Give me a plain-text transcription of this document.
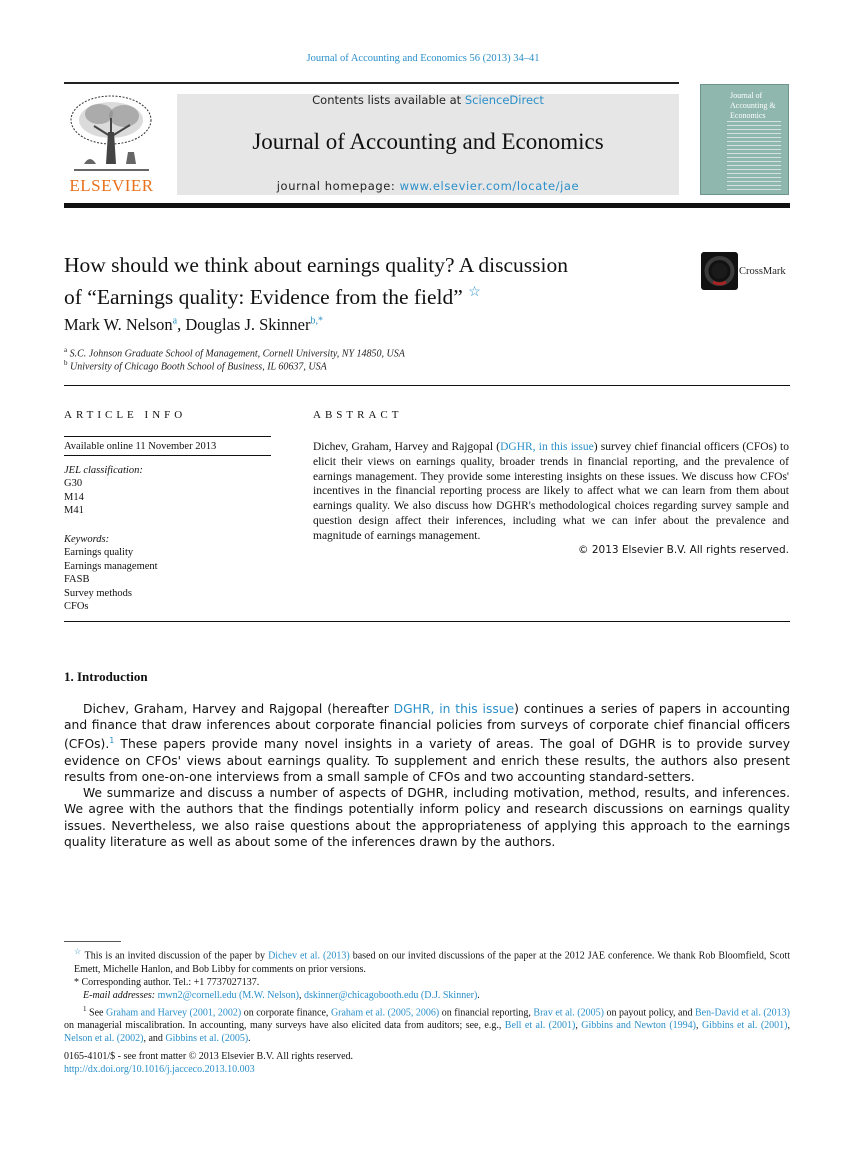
Journal of Accounting and Economics 56 (2013) 34–41
ELSEVIER
Contents lists available at ScienceDirect
Journal of Accounting and Economics
journal homepage: www.elsevier.com/locate/jae
Journal of Accounting & Economics
How should we think about earnings quality? A discussion
of “Earnings quality: Evidence from the field” ☆
CrossMark
Mark W. Nelson$^a$, Douglas J. Skinner$^{b,*}$
$^a$ S.C. Johnson Graduate School of Management, Cornell University, NY 14850, USA
$^b$ University of Chicago Booth School of Business, IL 60637, USA
ARTICLE INFO	ABSTRACT
Available online 11 November 2013
JEL classification:
G30
M14
M41
Keywords:
Earnings quality
Earnings management
FASB
Survey methods
CFOs
Dichev, Graham, Harvey and Rajgopal (DGHR, in this issue) survey chief financial officers (CFOs) to elicit their views on earnings quality, broader trends in financial reporting, and the prevalence of earnings management. They provide some interesting insights on these issues. We discuss how CFOs' incentives in the financial reporting process are likely to affect what we can learn from them about earnings quality. We also discuss how DGHR's methodological choices regarding survey sample and question design affect their inferences, including what we can infer about the prevalence and magnitude of earnings management.
© 2013 Elsevier B.V. All rights reserved.
1. Introduction

Dichev, Graham, Harvey and Rajgopal (hereafter DGHR, in this issue) continues a series of papers in accounting and finance that draw inferences about corporate financial policies from surveys of corporate chief financial officers (CFOs).$^1$ These papers provide many novel insights in a variety of areas. The goal of DGHR is to provide survey evidence on CFOs' views about earnings quality. To supplement and enrich these results, the authors also present results from one-on-one interviews from a small sample of CFOs and two accounting standard-setters.

We summarize and discuss a number of aspects of DGHR, including motivation, method, results, and inferences. We agree with the authors that the findings potentially inform policy and research discussions on earnings quality issues. Nevertheless, we also raise questions about the appropriateness of applying this approach to the earnings quality literature as well as about some of the inferences drawn by the authors.

☆ This is an invited discussion of the paper by Dichev et al. (2013) based on our invited discussions of the paper at the 2012 JAE conference. We thank Rob Bloomfield, Scott Emett, Michelle Hanlon, and Bob Libby for comments on prior versions.

* Corresponding author. Tel.: +1 7737027137.

E-mail addresses: mwn2@cornell.edu (M.W. Nelson), dskinner@chicagobooth.edu (D.J. Skinner).

$^1$ See Graham and Harvey (2001, 2002) on corporate finance, Graham et al. (2005, 2006) on financial reporting, Brav et al. (2005) on payout policy, and Ben-David et al. (2013) on managerial miscalibration. In accounting, many surveys have also elicited data from auditors; see, e.g., Bell et al. (2001), Gibbins and Newton (1994), Gibbins et al. (2001), Nelson et al. (2002), and Gibbins et al. (2005).

0165-4101/$ - see front matter © 2013 Elsevier B.V. All rights reserved.
http://dx.doi.org/10.1016/j.jacceco.2013.10.003
